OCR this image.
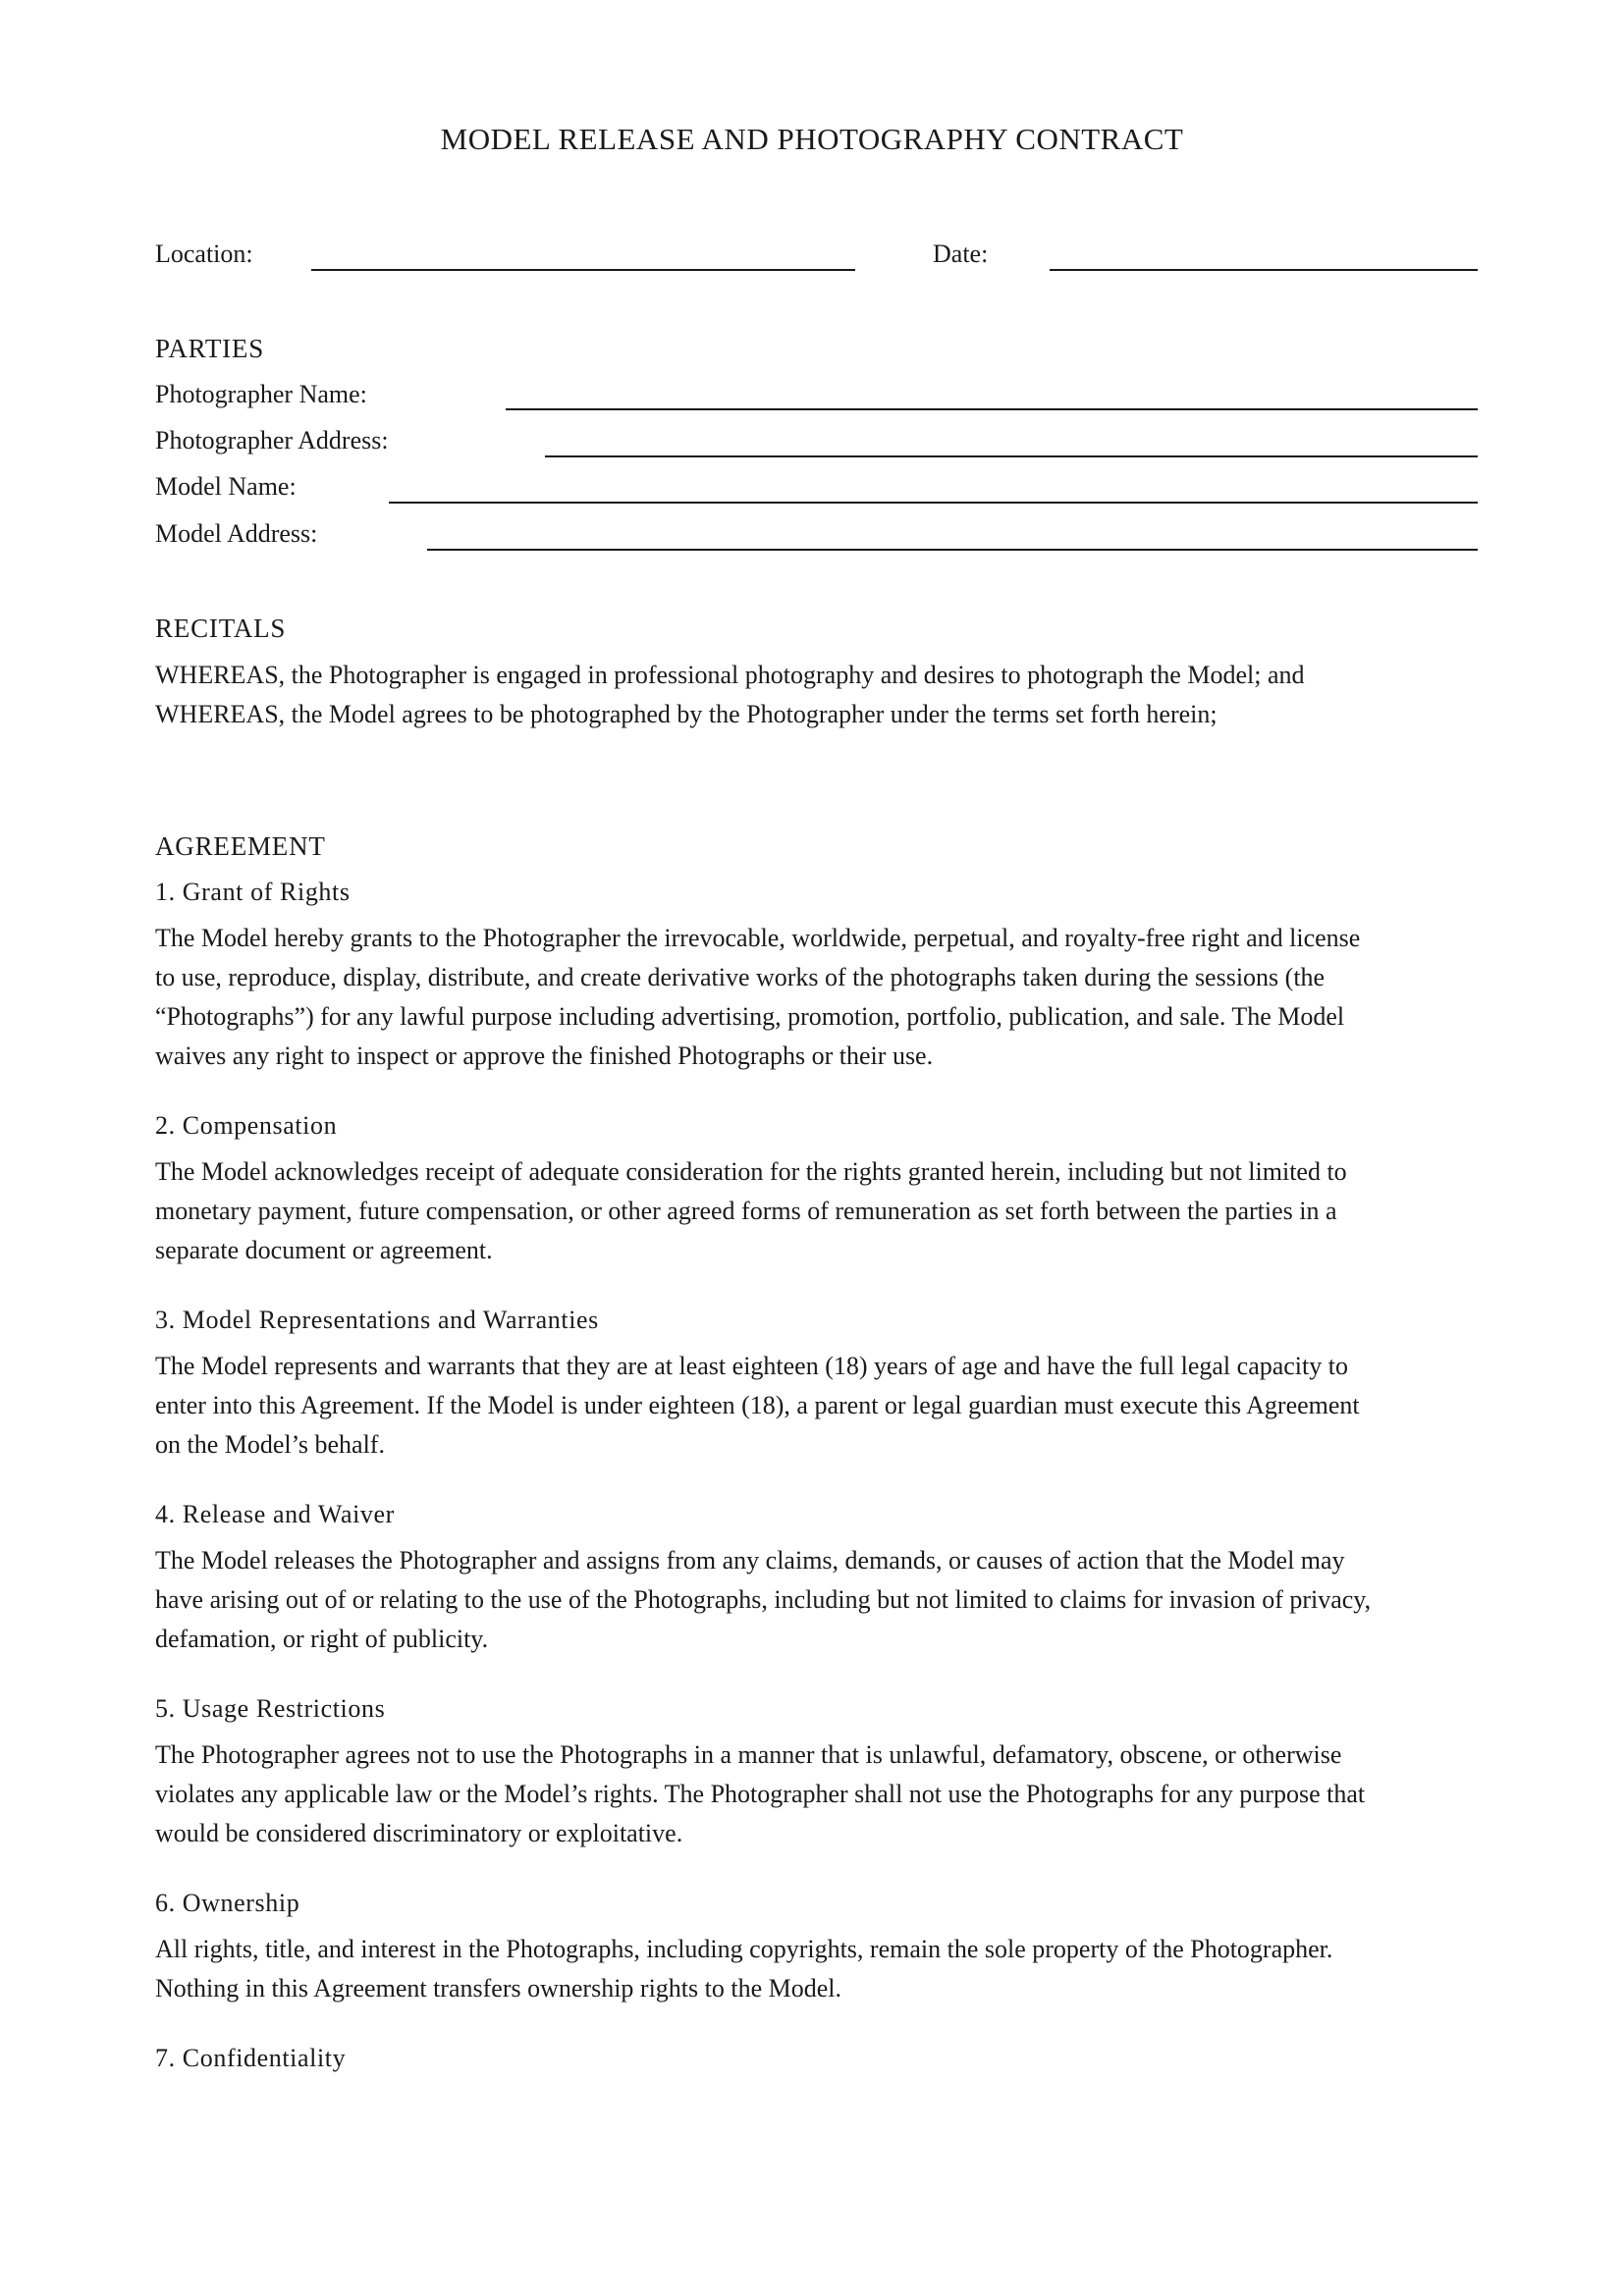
MODEL RELEASE AND PHOTOGRAPHY CONTRACT
Location:	Date:
PARTIES
Photographer Name:
Photographer Address:
Model Name:
Model Address:
RECITALS

WHEREAS, the Photographer is engaged in professional photography and desires to photograph the Model; and
WHEREAS, the Model agrees to be photographed by the Photographer under the terms set forth herein;

AGREEMENT
1. Grant of Rights

The Model hereby grants to the Photographer the irrevocable, worldwide, perpetual, and royalty-free right and license
to use, reproduce, display, distribute, and create derivative works of the photographs taken during the sessions (the
“Photographs”) for any lawful purpose including advertising, promotion, portfolio, publication, and sale. The Model
waives any right to inspect or approve the finished Photographs or their use.

2. Compensation

The Model acknowledges receipt of adequate consideration for the rights granted herein, including but not limited to
monetary payment, future compensation, or other agreed forms of remuneration as set forth between the parties in a
separate document or agreement.

3. Model Representations and Warranties

The Model represents and warrants that they are at least eighteen (18) years of age and have the full legal capacity to
enter into this Agreement. If the Model is under eighteen (18), a parent or legal guardian must execute this Agreement
on the Model’s behalf.

4. Release and Waiver

The Model releases the Photographer and assigns from any claims, demands, or causes of action that the Model may
have arising out of or relating to the use of the Photographs, including but not limited to claims for invasion of privacy,
defamation, or right of publicity.

5. Usage Restrictions

The Photographer agrees not to use the Photographs in a manner that is unlawful, defamatory, obscene, or otherwise
violates any applicable law or the Model’s rights. The Photographer shall not use the Photographs for any purpose that
would be considered discriminatory or exploitative.

6. Ownership

All rights, title, and interest in the Photographs, including copyrights, remain the sole property of the Photographer.
Nothing in this Agreement transfers ownership rights to the Model.

7. Confidentiality
